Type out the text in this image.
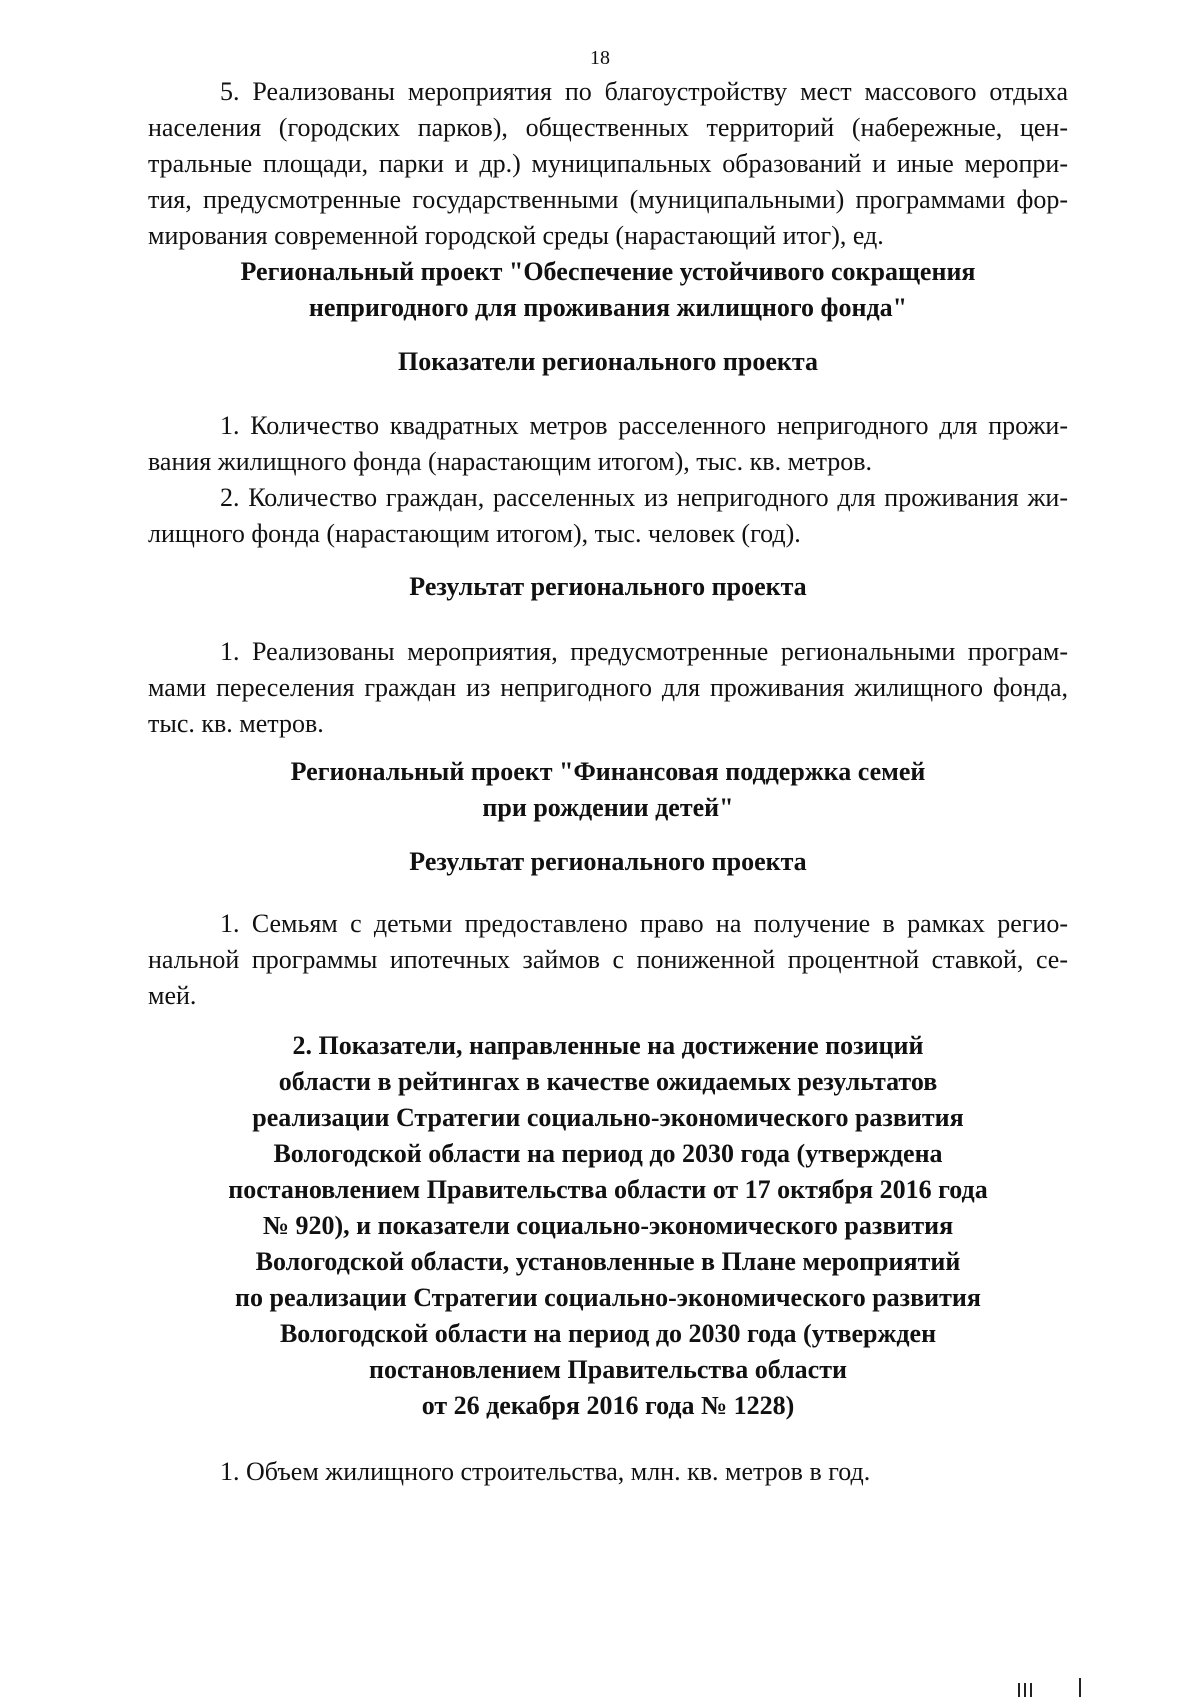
18
5. Реализованы мероприятия по благоустройству мест массового отдыха
населения (городских парков), общественных территорий (набережные, цен-
тральные площади, парки и др.) муниципальных образований и иные меропри-
тия, предусмотренные государственными (муниципальными) программами фор-
мирования современной городской среды (нарастающий итог), ед.
Региональный проект "Обеспечение устойчивого сокращения
непригодного для проживания жилищного фонда"
Показатели регионального проекта
1. Количество квадратных метров расселенного непригодного для прожи-
вания жилищного фонда (нарастающим итогом), тыс. кв. метров.
2. Количество граждан, расселенных из непригодного для проживания жи-
лищного фонда (нарастающим итогом), тыс. человек (год).
Результат регионального проекта
1. Реализованы мероприятия, предусмотренные региональными програм-
мами переселения граждан из непригодного для проживания жилищного фонда,
тыс. кв. метров.
Региональный проект "Финансовая поддержка семей
при рождении детей"
Результат регионального проекта
1. Семьям с детьми предоставлено право на получение в рамках регио-
нальной программы ипотечных займов с пониженной процентной ставкой, се-
мей.
2. Показатели, направленные на достижение позиций
области в рейтингах в качестве ожидаемых результатов
реализации Стратегии социально-экономического развития
Вологодской области на период до 2030 года (утверждена
постановлением Правительства области от 17 октября 2016 года
№ 920), и показатели социально-экономического развития
Вологодской области, установленные в Плане мероприятий
по реализации Стратегии социально-экономического развития
Вологодской области на период до 2030 года (утвержден
постановлением Правительства области
от 26 декабря 2016 года № 1228)
1. Объем жилищного строительства, млн. кв. метров в год.
